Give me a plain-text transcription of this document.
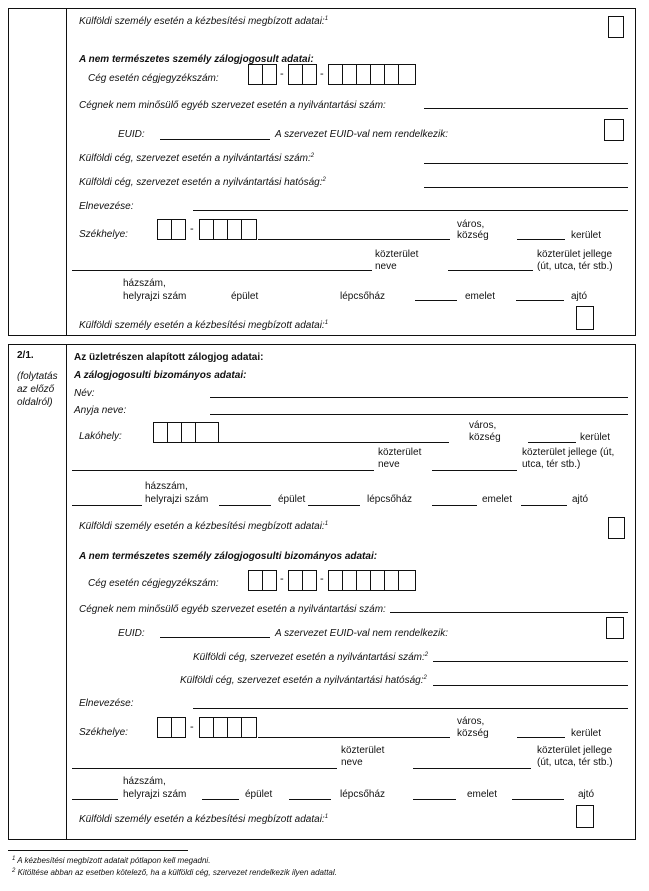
Külföldi személy esetén a kézbesítési megbízott adatai:$^1$
A nem természetes személy zálogjogosult adatai:
Cég esetén cégjegyzékszám:	-	-
Cégnek nem minősülő egyéb szervezet esetén a nyilvántartási szám:
EUID:	A szervezet EUID-val nem rendelkezik:
Külföldi cég, szervezet esetén a nyilvántartási szám:$^2$
Külföldi cég, szervezet esetén a nyilvántartási hatóság:$^2$
Elnevezése:
Székhelye:	-	város,
község	kerület
közterület
neve
közterület jellege
(út, utca, tér stb.)
házszám,
helyrajzi szám	épület	lépcsőház	emelet	ajtó
Külföldi személy esetén a kézbesítési megbízott adatai:$^1$
2/1.
(folytatás
az előző
oldalról)
Az üzletrészen alapított zálogjog adatai:
A zálogjogosulti bizományos adatai:
Név:
Anyja neve:
Lakóhely:
város,
község	kerület
közterület
neve
közterület jellege (út,
utca, tér stb.)
házszám,
helyrajzi szám	épület	lépcsőház	emelet	ajtó
Külföldi személy esetén a kézbesítési megbízott adatai:$^1$
A nem természetes személy zálogjogosulti bizományos adatai:
Cég esetén cégjegyzékszám:	-	-
Cégnek nem minősülő egyéb szervezet esetén a nyilvántartási szám:
EUID:	A szervezet EUID-val nem rendelkezik:
Külföldi cég, szervezet esetén a nyilvántartási szám:$^2$
Külföldi cég, szervezet esetén a nyilvántartási hatóság:$^2$
Elnevezése:
Székhelye:	-	város,
község	kerület
közterület
neve
közterület jellege
(út, utca, tér stb.)
házszám,
helyrajzi szám	épület	lépcsőház	emelet	ajtó
Külföldi személy esetén a kézbesítési megbízott adatai:$^1$
$^1$ A kézbesítési megbízott adatait pótlapon kell megadni.
$^2$ Kitöltése abban az esetben kötelező, ha a külföldi cég, szervezet rendelkezik ilyen adattal.
